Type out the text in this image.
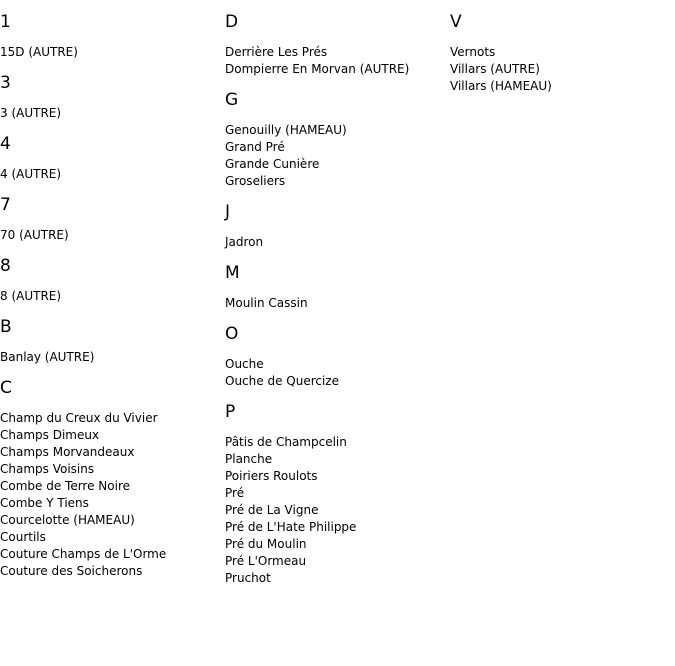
1
15D (AUTRE)
3
3 (AUTRE)
4
4 (AUTRE)
7
70 (AUTRE)
8
8 (AUTRE)
B
Banlay (AUTRE)
C
Champ du Creux du Vivier
Champs Dimeux
Champs Morvandeaux
Champs Voisins
Combe de Terre Noire
Combe Y Tiens
Courcelotte (HAMEAU)
Courtils
Couture Champs de L'Orme
Couture des Soicherons
D
Derrière Les Prés
Dompierre En Morvan (AUTRE)
G
Genouilly (HAMEAU)
Grand Pré
Grande Cunière
Groseliers
J
Jadron
M
Moulin Cassin
O
Ouche
Ouche de Quercize
P
Pâtis de Champcelin
Planche
Poiriers Roulots
Pré
Pré de La Vigne
Pré de L'Hate Philippe
Pré du Moulin
Pré L'Ormeau
Pruchot
V
Vernots
Villars (AUTRE)
Villars (HAMEAU)
